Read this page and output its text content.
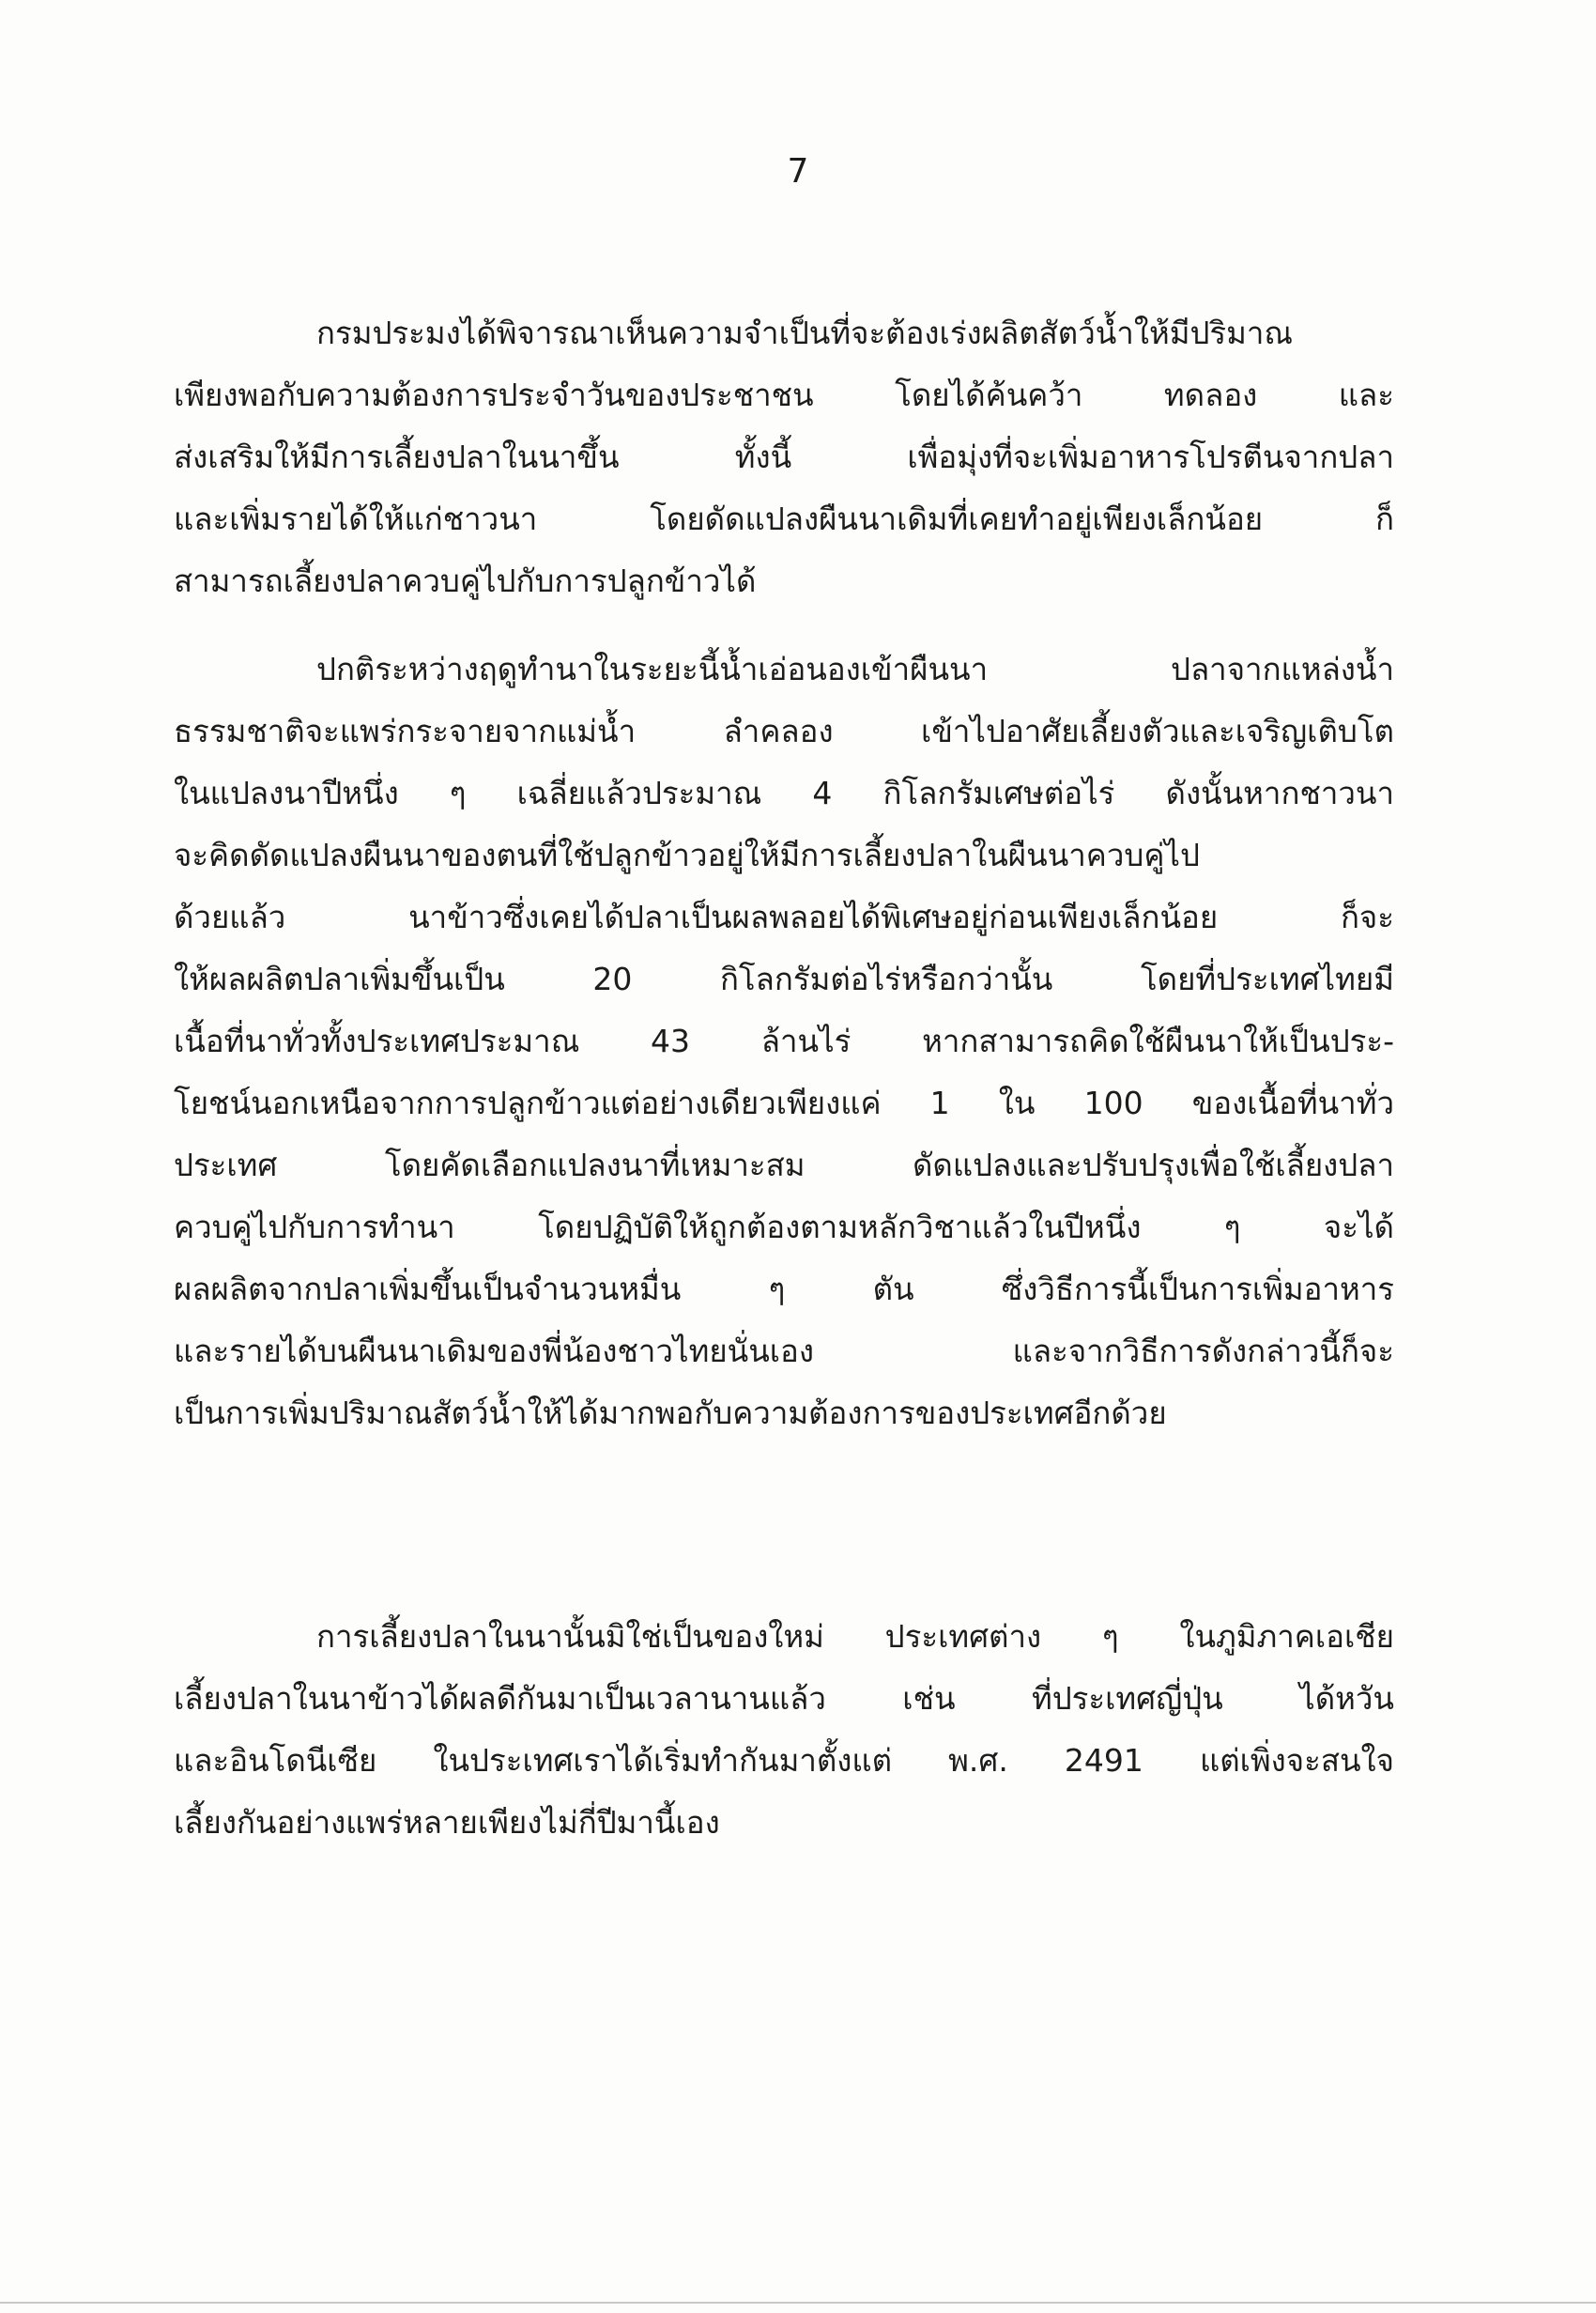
7
กรมประมงได้พิจารณาเห็นความจำเป็นที่จะต้องเร่งผลิตสัตว์น้ำให้มีปริมาณ
เพียงพอกับความต้องการประจำวันของประชาชน โดยได้ค้นคว้า ทดลอง และ
ส่งเสริมให้มีการเลี้ยงปลาในนาขึ้น ทั้งนี้ เพื่อมุ่งที่จะเพิ่มอาหารโปรตีนจากปลา
และเพิ่มรายได้ให้แก่ชาวนา โดยดัดแปลงผืนนาเดิมที่เคยทำอยู่เพียงเล็กน้อย ก็
สามารถเลี้ยงปลาควบคู่ไปกับการปลูกข้าวได้
ปกติระหว่างฤดูทำนาในระยะนี้น้ำเอ่อนองเข้าผืนนา ปลาจากแหล่งน้ำ
ธรรมชาติจะแพร่กระจายจากแม่น้ำ ลำคลอง เข้าไปอาศัยเลี้ยงตัวและเจริญเติบโต
ในแปลงนาปีหนึ่ง ๆ เฉลี่ยแล้วประมาณ 4 กิโลกรัมเศษต่อไร่ ดังนั้นหากชาวนา
จะคิดดัดแปลงผืนนาของตนที่ใช้ปลูกข้าวอยู่ให้มีการเลี้ยงปลาในผืนนาควบคู่ไป
ด้วยแล้ว นาข้าวซึ่งเคยได้ปลาเป็นผลพลอยได้พิเศษอยู่ก่อนเพียงเล็กน้อย ก็จะ
ให้ผลผลิตปลาเพิ่มขึ้นเป็น 20 กิโลกรัมต่อไร่หรือกว่านั้น โดยที่ประเทศไทยมี
เนื้อที่นาทั่วทั้งประเทศประมาณ 43 ล้านไร่ หากสามารถคิดใช้ผืนนาให้เป็นประ-
โยชน์นอกเหนือจากการปลูกข้าวแต่อย่างเดียวเพียงแค่ 1 ใน 100 ของเนื้อที่นาทั่ว
ประเทศ โดยคัดเลือกแปลงนาที่เหมาะสม ดัดแปลงและปรับปรุงเพื่อใช้เลี้ยงปลา
ควบคู่ไปกับการทำนา โดยปฏิบัติให้ถูกต้องตามหลักวิชาแล้วในปีหนึ่ง ๆ จะได้
ผลผลิตจากปลาเพิ่มขึ้นเป็นจำนวนหมื่น ๆ ตัน ซึ่งวิธีการนี้เป็นการเพิ่มอาหาร
และรายได้บนผืนนาเดิมของพี่น้องชาวไทยนั่นเอง และจากวิธีการดังกล่าวนี้ก็จะ
เป็นการเพิ่มปริมาณสัตว์น้ำให้ได้มากพอกับความต้องการของประเทศอีกด้วย
การเลี้ยงปลาในนานั้นมิใช่เป็นของใหม่ ประเทศต่าง ๆ ในภูมิภาคเอเชีย
เลี้ยงปลาในนาข้าวได้ผลดีกันมาเป็นเวลานานแล้ว เช่น ที่ประเทศญี่ปุ่น ได้หวัน
และอินโดนีเซีย ในประเทศเราได้เริ่มทำกันมาตั้งแต่ พ.ศ. 2491 แต่เพิ่งจะสนใจ
เลี้ยงกันอย่างแพร่หลายเพียงไม่กี่ปีมานี้เอง
